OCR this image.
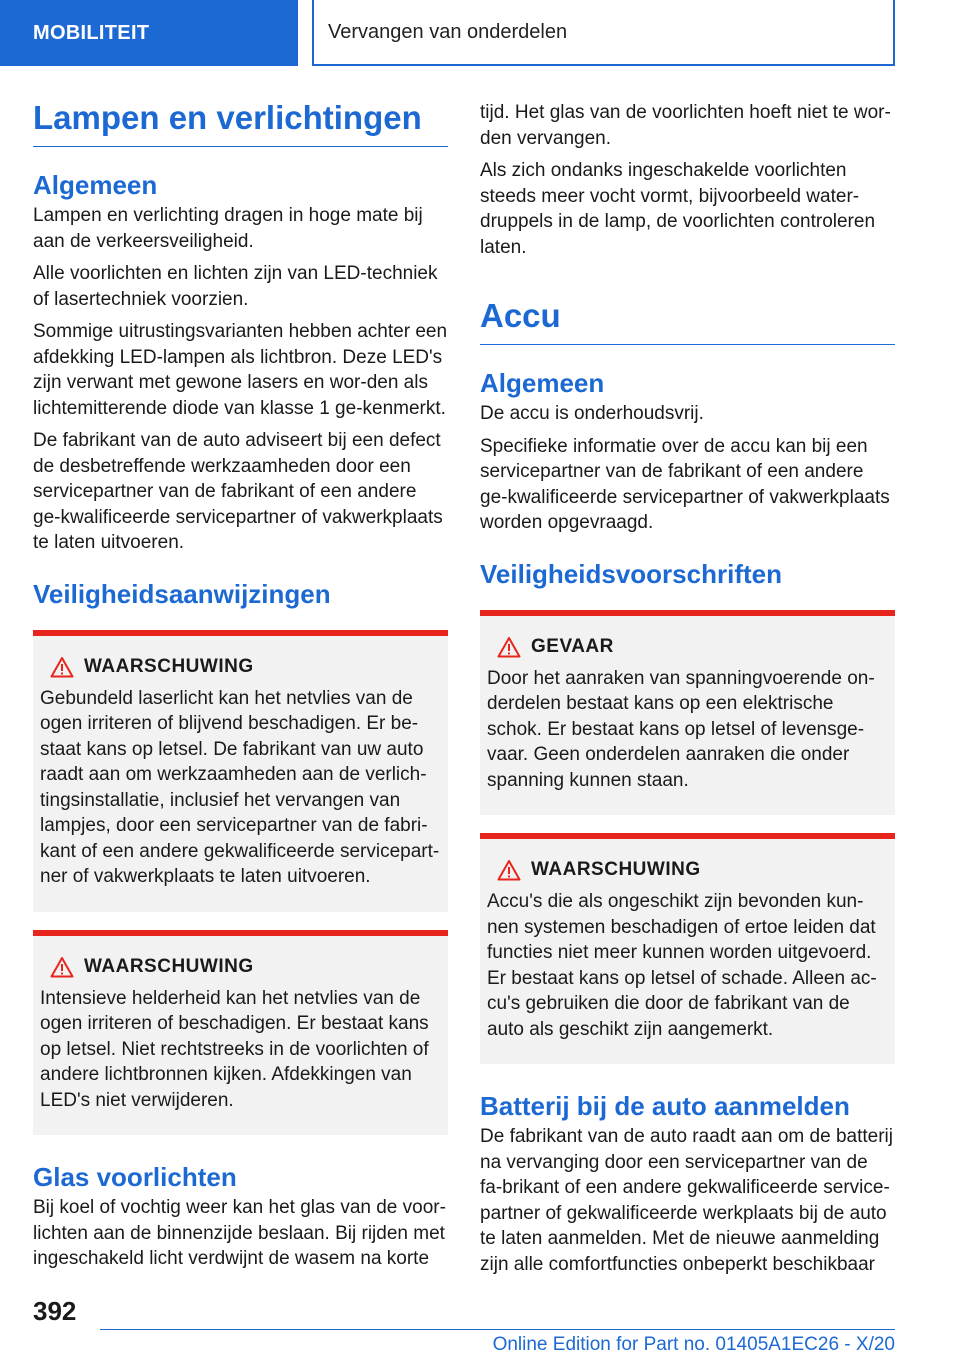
MOBILITEIT	Vervangen van onderdelen
Lampen en verlichtingen
Algemeen

Lampen en verlichting dragen in hoge mate bij aan de verkeersveiligheid.

Alle voorlichten en lichten zijn van LED-techniek of lasertechniek voorzien.

Sommige uitrustingsvarianten hebben achter een afdekking LED-lampen als lichtbron. Deze LED's zijn verwant met gewone lasers en wor-den als lichtemitterende diode van klasse 1 ge-kenmerkt.

De fabrikant van de auto adviseert bij een defect de desbetreffende werkzaamheden door een servicepartner van de fabrikant of een andere ge-kwalificeerde servicepartner of vakwerkplaats te laten uitvoeren.

Veiligheidsaanwijzingen
WAARSCHUWING
Gebundeld laserlicht kan het netvlies van de ogen irriteren of blijvend beschadigen. Er be-staat kans op letsel. De fabrikant van uw auto raadt aan om werkzaamheden aan de verlich-tingsinstallatie, inclusief het vervangen van lampjes, door een servicepartner van de fabri-kant of een andere gekwalificeerde servicepart-ner of vakwerkplaats te laten uitvoeren.
WAARSCHUWING
Intensieve helderheid kan het netvlies van de ogen irriteren of beschadigen. Er bestaat kans op letsel. Niet rechtstreeks in de voorlichten of andere lichtbronnen kijken. Afdekkingen van LED's niet verwijderen.
Glas voorlichten

Bij koel of vochtig weer kan het glas van de voor-lichten aan de binnenzijde beslaan. Bij rijden met ingeschakeld licht verdwijnt de wasem na korte

tijd. Het glas van de voorlichten hoeft niet te wor-den vervangen.

Als zich ondanks ingeschakelde voorlichten steeds meer vocht vormt, bijvoorbeeld water-druppels in de lamp, de voorlichten controleren laten.

Accu
Algemeen

De accu is onderhoudsvrij.

Specifieke informatie over de accu kan bij een servicepartner van de fabrikant of een andere ge-kwalificeerde servicepartner of vakwerkplaats worden opgevraagd.

Veiligheidsvoorschriften
GEVAAR
Door het aanraken van spanningvoerende on-derdelen bestaat kans op een elektrische schok. Er bestaat kans op letsel of levensge-vaar. Geen onderdelen aanraken die onder spanning kunnen staan.
WAARSCHUWING
Accu's die als ongeschikt zijn bevonden kun-nen systemen beschadigen of ertoe leiden dat functies niet meer kunnen worden uitgevoerd. Er bestaat kans op letsel of schade. Alleen ac-cu's gebruiken die door de fabrikant van de auto als geschikt zijn aangemerkt.
Batterij bij de auto aanmelden

De fabrikant van de auto raadt aan om de batterij na vervanging door een servicepartner van de fa-brikant of een andere gekwalificeerde service-partner of gekwalificeerde werkplaats bij de auto te laten aanmelden. Met de nieuwe aanmelding zijn alle comfortfuncties onbeperkt beschikbaar

392
Online Edition for Part no. 01405A1EC26 - X/20
